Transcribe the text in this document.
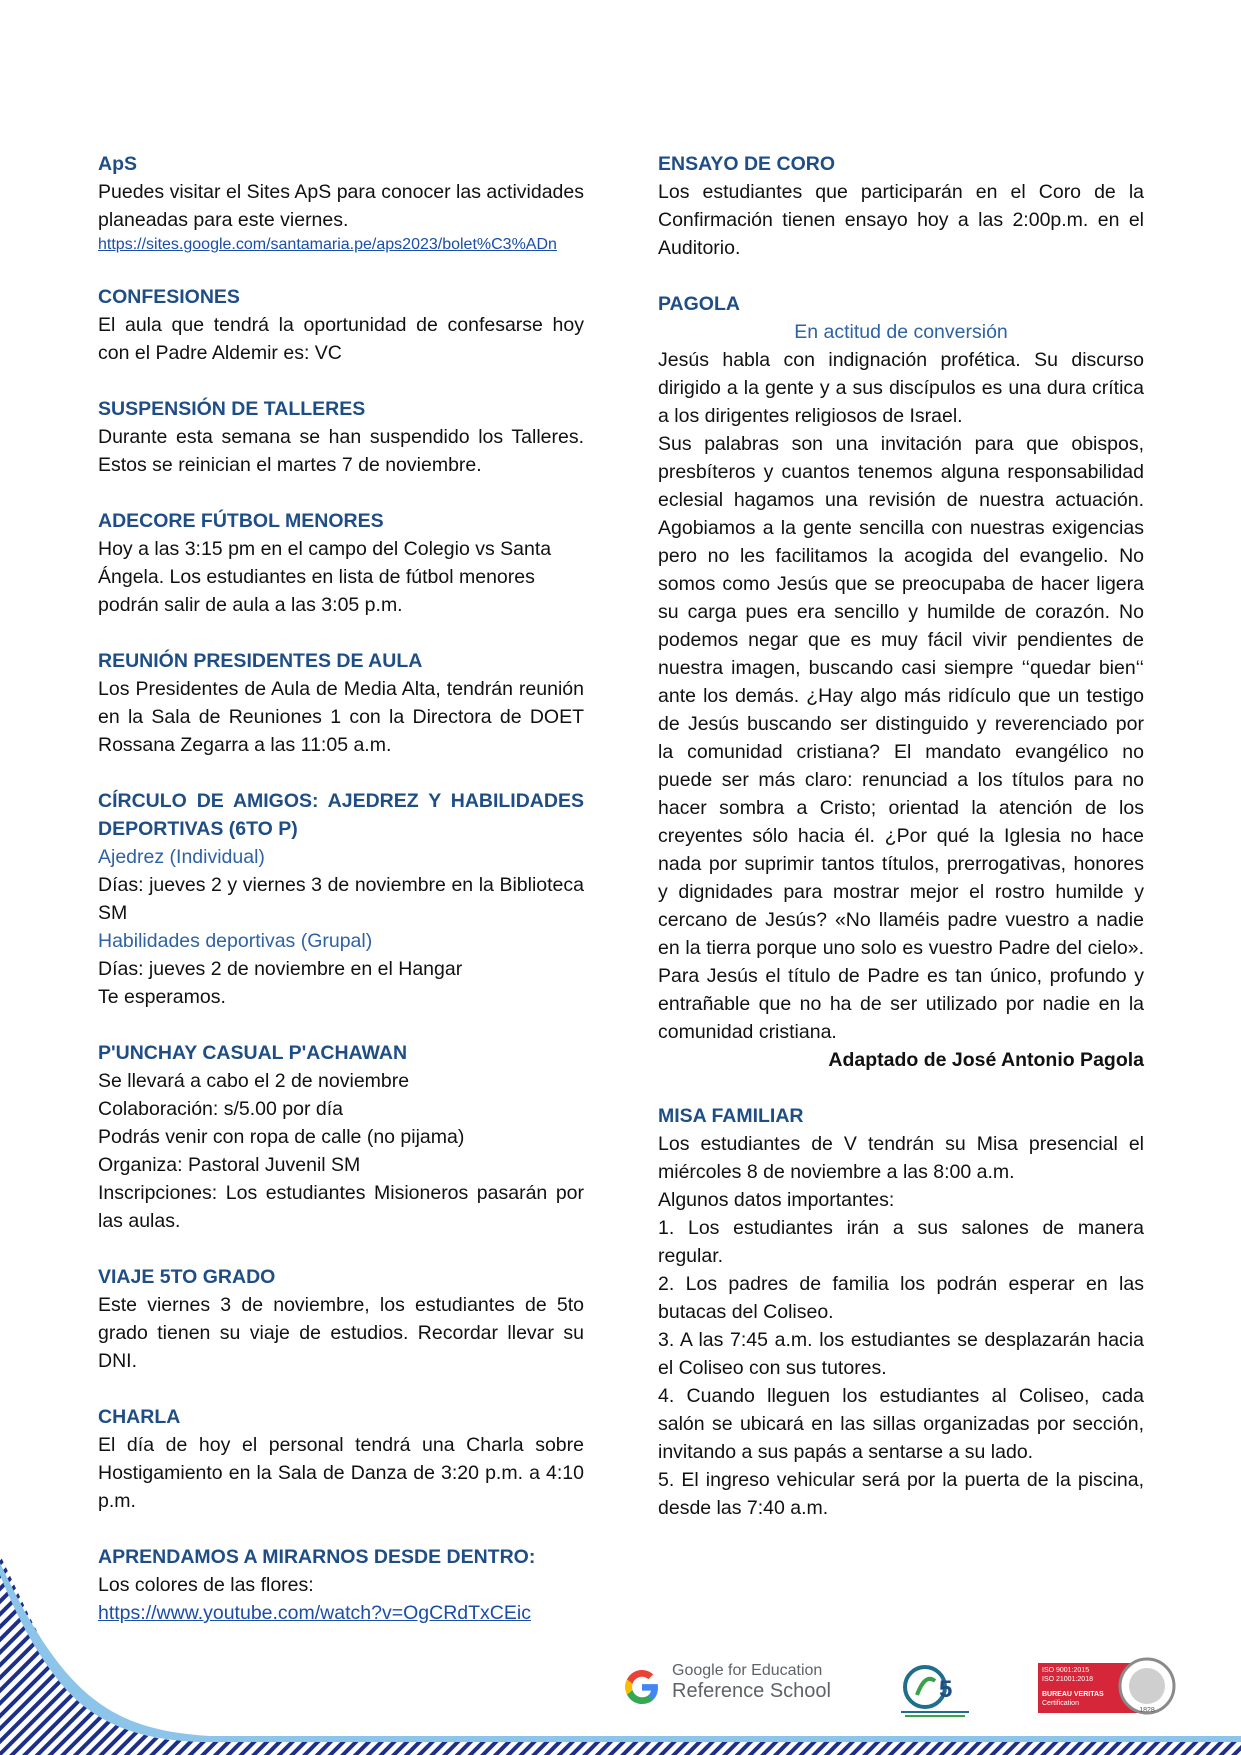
ApS
Puedes visitar el Sites ApS para conocer las actividades planeadas para este viernes.
https://sites.google.com/santamaria.pe/aps2023/bolet%C3%ADn
CONFESIONES
El aula que tendrá la oportunidad de confesarse hoy con el Padre Aldemir es: VC
SUSPENSIÓN DE TALLERES
Durante esta semana se han suspendido los Talleres. Estos se reinician el martes 7 de noviembre.
ADECORE FÚTBOL MENORES
Hoy a las 3:15 pm en el campo del Colegio vs Santa Ángela. Los estudiantes en lista de fútbol menores podrán salir de aula a las 3:05 p.m.
REUNIÓN PRESIDENTES DE AULA
Los Presidentes de Aula de Media Alta, tendrán reunión en la Sala de Reuniones 1 con la Directora de DOET Rossana Zegarra a las 11:05 a.m.
CÍRCULO DE AMIGOS: AJEDREZ Y HABILIDADES DEPORTIVAS (6TO P)
Ajedrez (Individual)
Días: jueves 2 y viernes 3 de noviembre en la Biblioteca SM
Habilidades deportivas (Grupal)
Días: jueves 2 de noviembre en el Hangar
Te esperamos.
P'UNCHAY CASUAL P'ACHAWAN
Se llevará a cabo el 2 de noviembre
Colaboración: s/5.00 por día
Podrás venir con ropa de calle (no pijama)
Organiza: Pastoral Juvenil SM
Inscripciones: Los estudiantes Misioneros pasarán por las aulas.
VIAJE 5TO GRADO
Este viernes 3 de noviembre, los estudiantes de 5to grado tienen su viaje de estudios. Recordar llevar su DNI.
CHARLA
El día de hoy el personal tendrá una Charla sobre Hostigamiento en la Sala de Danza de 3:20 p.m. a 4:10 p.m.
APRENDAMOS A MIRARNOS DESDE DENTRO:
Los colores de las flores:
https://www.youtube.com/watch?v=OgCRdTxCEic
ENSAYO DE CORO
Los estudiantes que participarán en el Coro de la Confirmación tienen ensayo hoy a las 2:00p.m. en el Auditorio.
PAGOLA
En actitud de conversión
Jesús habla con indignación profética. Su discurso dirigido a la gente y a sus discípulos es una dura crítica a los dirigentes religiosos de Israel.
Sus palabras son una invitación para que obispos, presbíteros y cuantos tenemos alguna responsabilidad eclesial hagamos una revisión de nuestra actuación. Agobiamos a la gente sencilla con nuestras exigencias pero no les facilitamos la acogida del evangelio. No somos como Jesús que se preocupaba de hacer ligera su carga pues era sencillo y humilde de corazón. No podemos negar que es muy fácil vivir pendientes de nuestra imagen, buscando casi siempre ‘‘quedar bien‘‘ ante los demás. ¿Hay algo más ridículo que un testigo de Jesús buscando ser distinguido y reverenciado por la comunidad cristiana? El mandato evangélico no puede ser más claro: renunciad a los títulos para no hacer sombra a Cristo; orientad la atención de los creyentes sólo hacia él. ¿Por qué la Iglesia no hace nada por suprimir tantos títulos, prerrogativas, honores y dignidades para mostrar mejor el rostro humilde y cercano de Jesús? «No llaméis padre vuestro a nadie en la tierra porque uno solo es vuestro Padre del cielo». Para Jesús el título de Padre es tan único, profundo y entrañable que no ha de ser utilizado por nadie en la comunidad cristiana.
Adaptado de José Antonio Pagola
MISA FAMILIAR
Los estudiantes de V tendrán su Misa presencial el miércoles 8 de noviembre a las 8:00 a.m.
Algunos datos importantes:
1. Los estudiantes irán a sus salones de manera regular.
2. Los padres de familia los podrán esperar en las butacas del Coliseo.
3. A las 7:45 a.m. los estudiantes se desplazarán hacia el Coliseo con sus tutores.
4. Cuando lleguen los estudiantes al Coliseo, cada salón se ubicará en las sillas organizadas por sección, invitando a sus papás a sentarse a su lado.
5. El ingreso vehicular será por la puerta de la piscina, desde las 7:40 a.m.
Google for Education
Reference School	5
ISO 9001:2015
ISO 21001:2018
BUREAU VERITAS
Certification
1828
